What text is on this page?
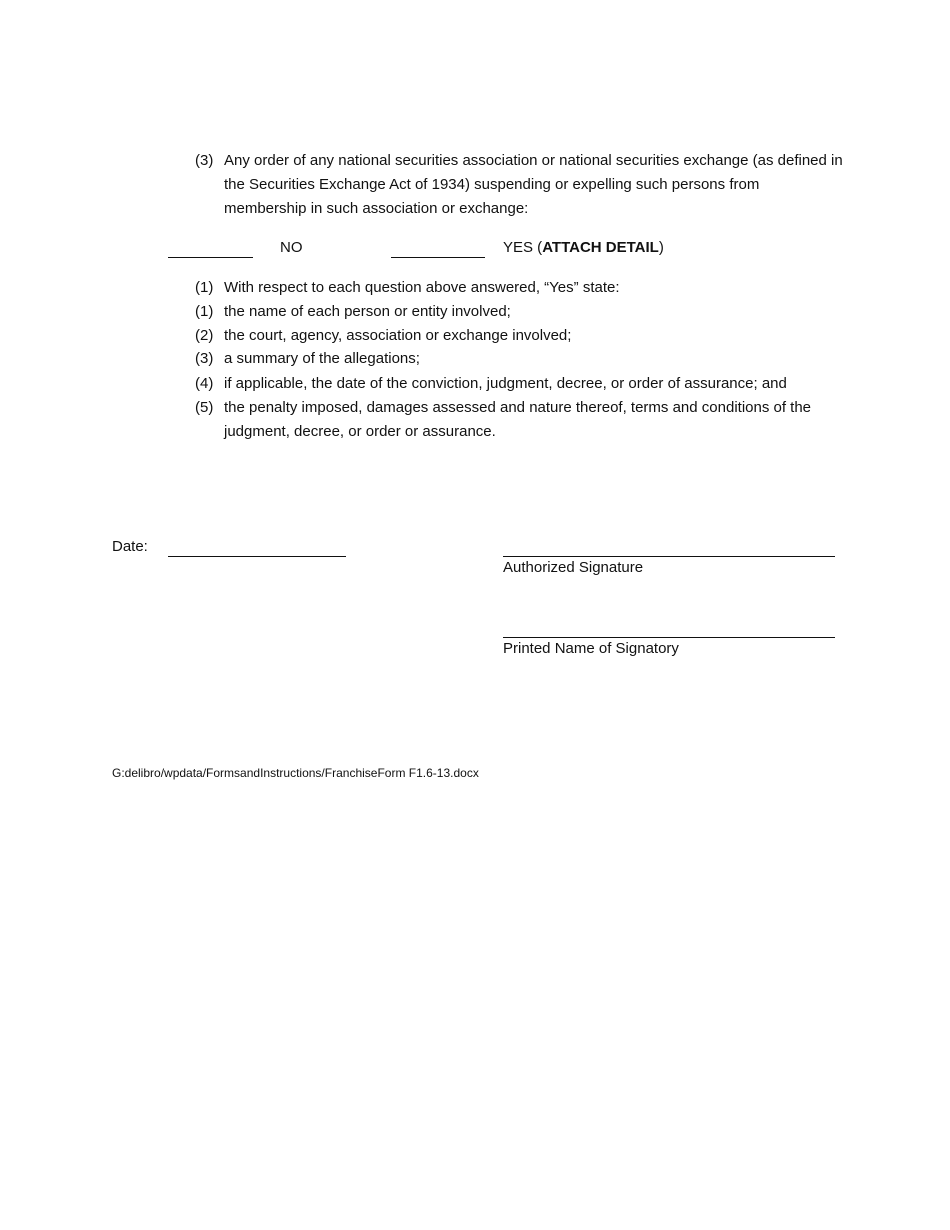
(3) Any order of any national securities association or national securities exchange (as defined in the Securities Exchange Act of 1934) suspending or expelling such persons from membership in such association or exchange:
NO	YES (ATTACH DETAIL)
(1) With respect to each question above answered, “Yes” state:
(1) the name of each person or entity involved;
(2) the court, agency, association or exchange involved;
(3) a summary of the allegations;
(4) if applicable, the date of the conviction, judgment, decree, or order of assurance; and
(5) the penalty imposed, damages assessed and nature thereof, terms and conditions of the judgment, decree, or order or assurance.
Date:
Authorized Signature
Printed Name of Signatory
G:delibro/wpdata/FormsandInstructions/FranchiseForm F1.6-13.docx
